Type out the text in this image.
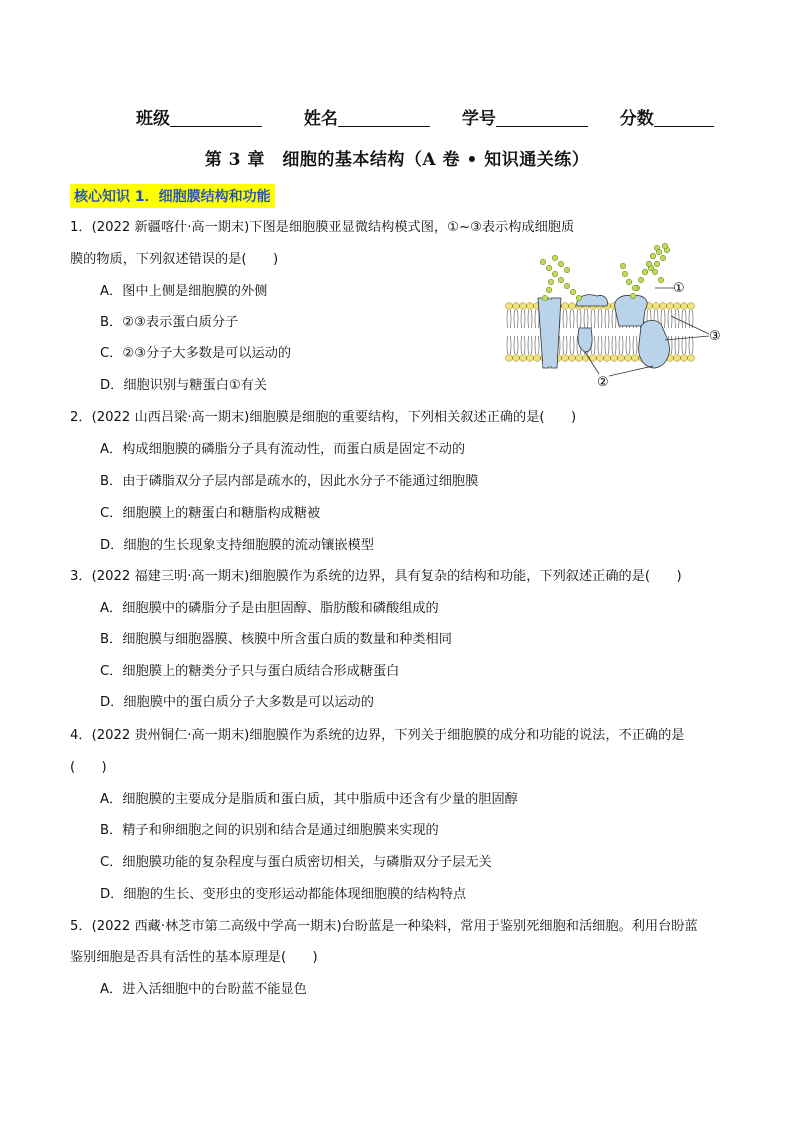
班级	姓名	学号	分数
第 3 章　细胞的基本结构（A 卷 • 知识通关练）
核心知识 1．细胞膜结构和功能
1．(2022 新疆喀什·高一期末)下图是细胞膜亚显微结构模式图，①~③表示构成细胞质
膜的物质，下列叙述错误的是(　　)
A．图中上侧是细胞膜的外侧
B．②③表示蛋白质分子
C．②③分子大多数是可以运动的
D．细胞识别与糖蛋白①有关
2．(2022 山西吕梁·高一期末)细胞膜是细胞的重要结构，下列相关叙述正确的是(　　)
A．构成细胞膜的磷脂分子具有流动性，而蛋白质是固定不动的
B．由于磷脂双分子层内部是疏水的，因此水分子不能通过细胞膜
C．细胞膜上的糖蛋白和糖脂构成糖被
D．细胞的生长现象支持细胞膜的流动镶嵌模型
3．(2022 福建三明·高一期末)细胞膜作为系统的边界，具有复杂的结构和功能，下列叙述正确的是(　　)
A．细胞膜中的磷脂分子是由胆固醇、脂肪酸和磷酸组成的
B．细胞膜与细胞器膜、核膜中所含蛋白质的数量和种类相同
C．细胞膜上的糖类分子只与蛋白质结合形成糖蛋白
D．细胞膜中的蛋白质分子大多数是可以运动的
4．(2022 贵州铜仁·高一期末)细胞膜作为系统的边界，下列关于细胞膜的成分和功能的说法，不正确的是
(　　)
A．细胞膜的主要成分是脂质和蛋白质，其中脂质中还含有少量的胆固醇
B．精子和卵细胞之间的识别和结合是通过细胞膜来实现的
C．细胞膜功能的复杂程度与蛋白质密切相关，与磷脂双分子层无关
D．细胞的生长、变形虫的变形运动都能体现细胞膜的结构特点
5．(2022 西藏·林芝市第二高级中学高一期末)台盼蓝是一种染料，常用于鉴别死细胞和活细胞。利用台盼蓝
鉴别细胞是否具有活性的基本原理是(　　)
A．进入活细胞中的台盼蓝不能显色
①
③
②
